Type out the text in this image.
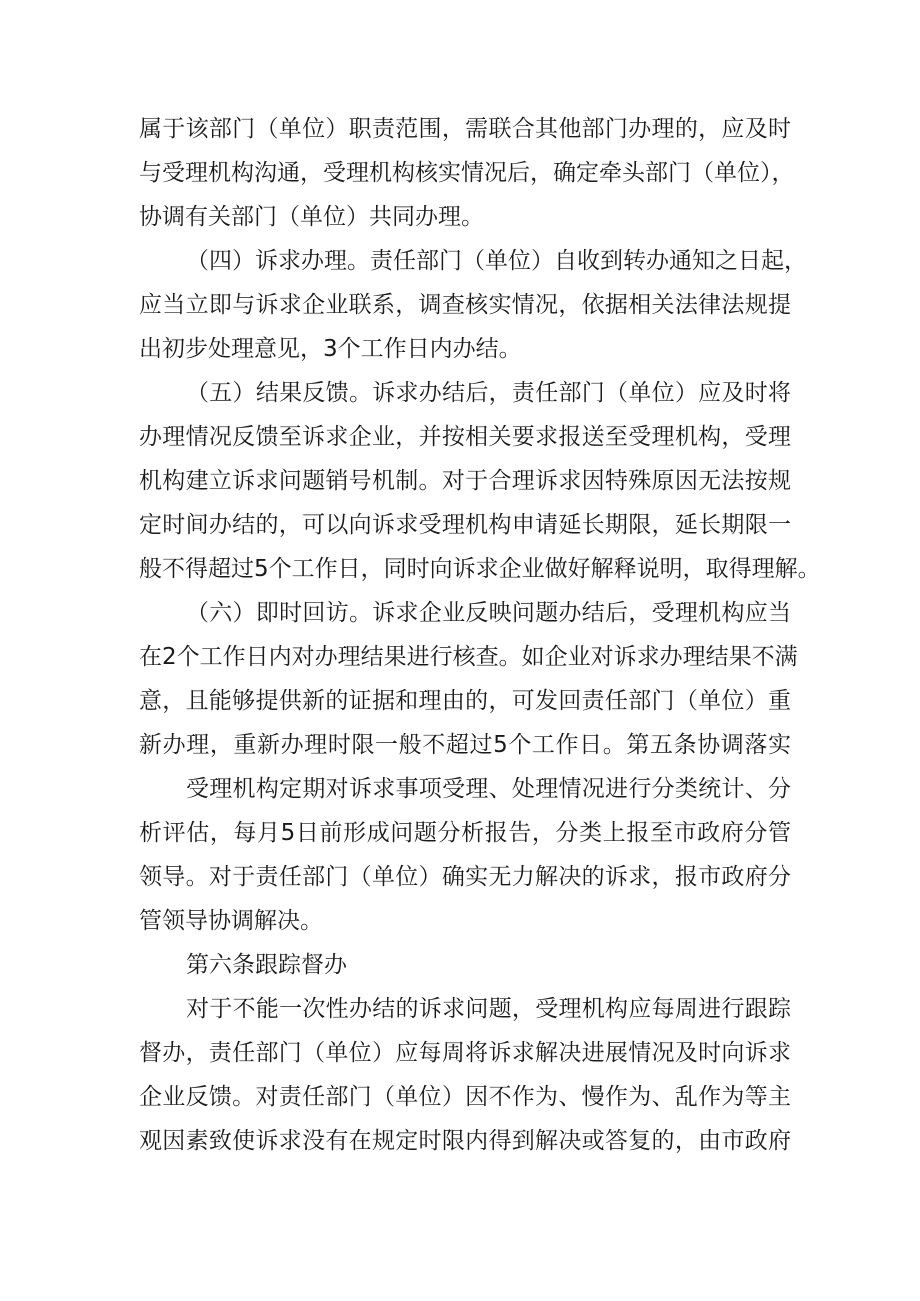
属于该部门（单位）职责范围，需联合其他部门办理的，应及时
与受理机构沟通，受理机构核实情况后，确定牵头部门（单位），
协调有关部门（单位）共同办理。
（四）诉求办理。责任部门（单位）自收到转办通知之日起，
应当立即与诉求企业联系，调查核实情况，依据相关法律法规提
出初步处理意见，3个工作日内办结。
（五）结果反馈。诉求办结后，责任部门（单位）应及时将
办理情况反馈至诉求企业，并按相关要求报送至受理机构，受理
机构建立诉求问题销号机制。对于合理诉求因特殊原因无法按规
定时间办结的，可以向诉求受理机构申请延长期限，延长期限一
般不得超过5个工作日，同时向诉求企业做好解释说明，取得理解。
（六）即时回访。诉求企业反映问题办结后，受理机构应当
在2个工作日内对办理结果进行核查。如企业对诉求办理结果不满
意，且能够提供新的证据和理由的，可发回责任部门（单位）重
新办理，重新办理时限一般不超过5个工作日。第五条协调落实
受理机构定期对诉求事项受理、处理情况进行分类统计、分
析评估，每月5日前形成问题分析报告，分类上报至市政府分管
领导。对于责任部门（单位）确实无力解决的诉求，报市政府分
管领导协调解决。
第六条跟踪督办
对于不能一次性办结的诉求问题，受理机构应每周进行跟踪
督办，责任部门（单位）应每周将诉求解决进展情况及时向诉求
企业反馈。对责任部门（单位）因不作为、慢作为、乱作为等主
观因素致使诉求没有在规定时限内得到解决或答复的，由市政府
